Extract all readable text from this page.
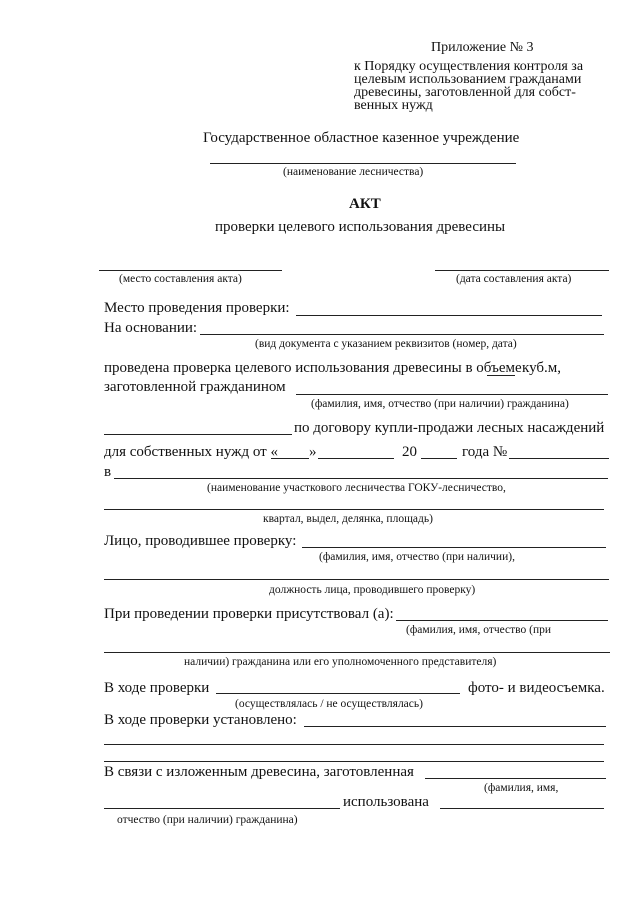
Приложение № 3
к Порядку осуществления контроля за
целевым использованием гражданами
древесины, заготовленной для собст-
венных нужд
Государственное областное казенное учреждение
(наименование лесничества)
АКТ
проверки целевого использования древесины
(место составления акта)	(дата составления акта)
Место проведения проверки:
На основании:
(вид документа с указанием реквизитов (номер, дата)
проведена проверка целевого использования древесины в объеме куб.м,
заготовленной гражданином
(фамилия, имя, отчество (при наличии) гражданина)
по договору купли-продажи лесных насаждений
для собственных нужд от « »	20	года №
в
(наименование участкового лесничества ГОКУ-лесничество,
квартал, выдел, делянка, площадь)
Лицо, проводившее проверку:
(фамилия, имя, отчество (при наличии),
должность лица, проводившего проверку)
При проведении проверки присутствовал (а):
(фамилия, имя, отчество (при
наличии) гражданина или его уполномоченного представителя)
В ходе проверки	фото- и видеосъемка.
(осуществлялась / не осуществлялась)
В ходе проверки установлено:
В связи с изложенным древесина, заготовленная
(фамилия, имя,
использована
отчество (при наличии) гражданина)
